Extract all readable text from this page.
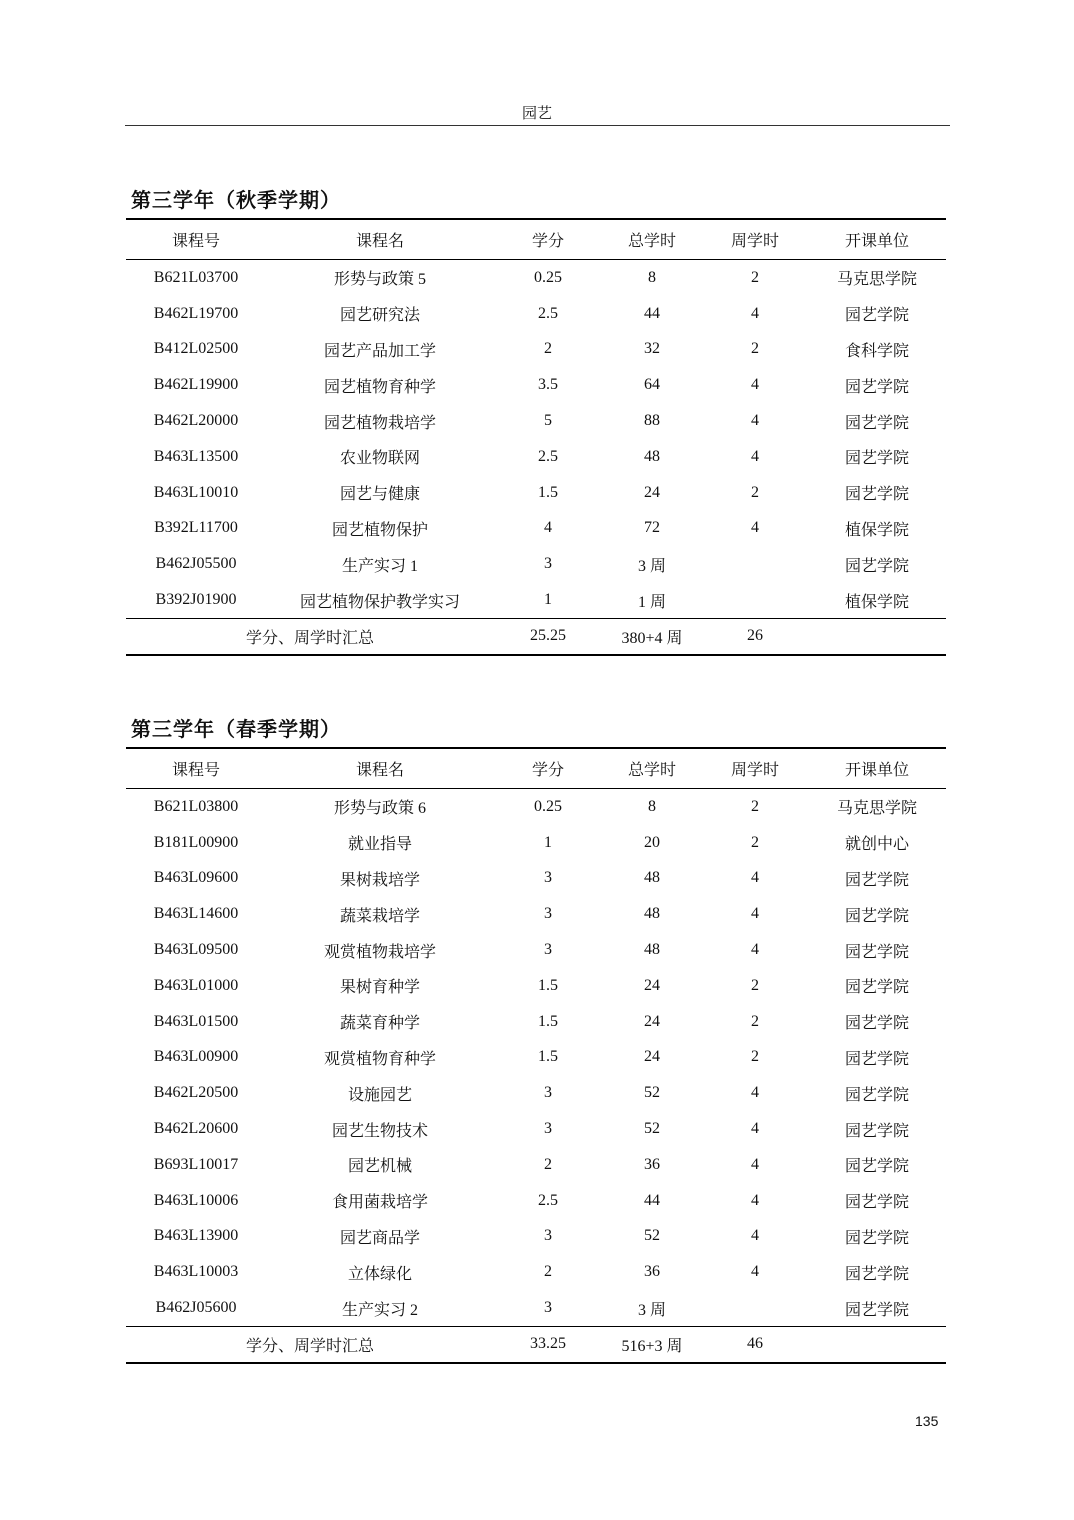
园艺
第三学年（秋季学期）
课程号	课程名	学分	总学时	周学时	开课单位
B621L03700	形势与政策 5	0.25	8	2	马克思学院
B462L19700	园艺研究法	2.5	44	4	园艺学院
B412L02500	园艺产品加工学	2	32	2	食科学院
B462L19900	园艺植物育种学	3.5	64	4	园艺学院
B462L20000	园艺植物栽培学	5	88	4	园艺学院
B463L13500	农业物联网	2.5	48	4	园艺学院
B463L10010	园艺与健康	1.5	24	2	园艺学院
B392L11700	园艺植物保护	4	72	4	植保学院
B462J05500	生产实习 1	3	3 周		园艺学院
B392J01900	园艺植物保护教学实习	1	1 周		植保学院
学分、周学时汇总		25.25	380+4 周	26	
第三学年（春季学期）
课程号	课程名	学分	总学时	周学时	开课单位
B621L03800	形势与政策 6	0.25	8	2	马克思学院
B181L00900	就业指导	1	20	2	就创中心
B463L09600	果树栽培学	3	48	4	园艺学院
B463L14600	蔬菜栽培学	3	48	4	园艺学院
B463L09500	观赏植物栽培学	3	48	4	园艺学院
B463L01000	果树育种学	1.5	24	2	园艺学院
B463L01500	蔬菜育种学	1.5	24	2	园艺学院
B463L00900	观赏植物育种学	1.5	24	2	园艺学院
B462L20500	设施园艺	3	52	4	园艺学院
B462L20600	园艺生物技术	3	52	4	园艺学院
B693L10017	园艺机械	2	36	4	园艺学院
B463L10006	食用菌栽培学	2.5	44	4	园艺学院
B463L13900	园艺商品学	3	52	4	园艺学院
B463L10003	立体绿化	2	36	4	园艺学院
B462J05600	生产实习 2	3	3 周		园艺学院
学分、周学时汇总		33.25	516+3 周	46	
135
